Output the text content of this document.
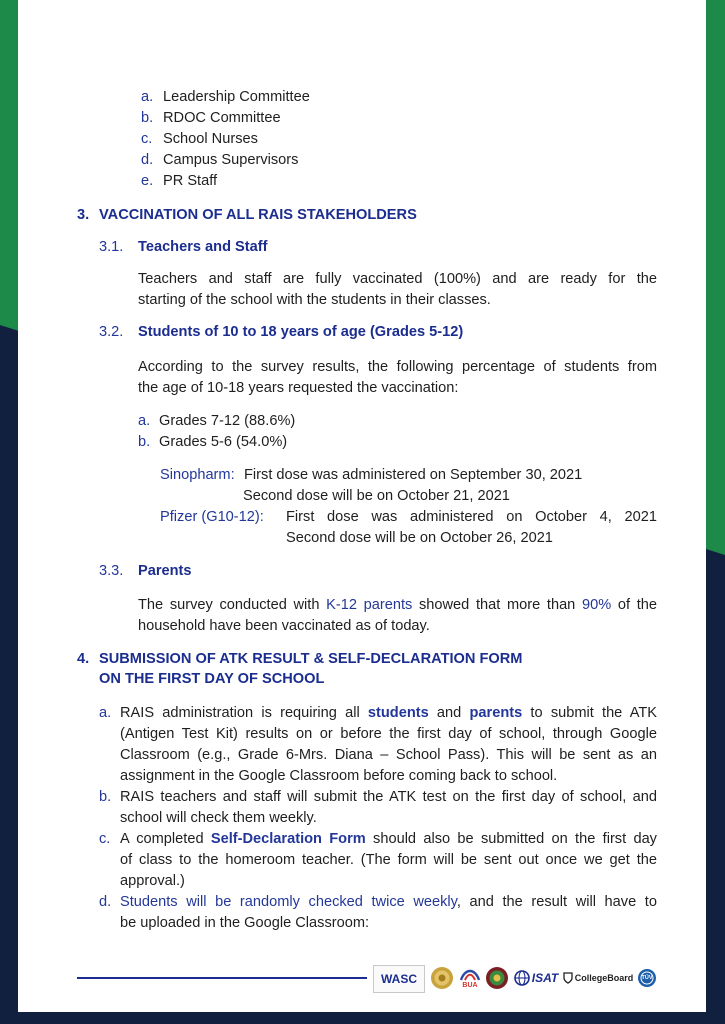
a. Leadership Committee
b. RDOC Committee
c. School Nurses
d. Campus Supervisors
e. PR Staff
3. VACCINATION OF ALL RAIS STAKEHOLDERS
3.1. Teachers and Staff
Teachers and staff are fully vaccinated (100%) and are ready for the
starting of the school with the students in their classes.
3.2. Students of 10 to 18 years of age (Grades 5-12)
According to the survey results, the following percentage of students from
the age of 10-18 years requested the vaccination:
a. Grades 7-12 (88.6%)
b. Grades 5-6 (54.0%)
Sinopharm: First dose was administered on September 30, 2021
Second dose will be on October 21, 2021
Pfizer (G10-12): First dose was administered on October 4, 2021
Second dose will be on October 26, 2021
3.3. Parents
The survey conducted with K-12 parents showed that more than 90% of the
household have been vaccinated as of today.
4. SUBMISSION OF ATK RESULT & SELF-DECLARATION FORM
ON THE FIRST DAY OF SCHOOL
a. RAIS administration is requiring all students and parents to submit the ATK
(Antigen Test Kit) results on or before the first day of school, through Google
Classroom (e.g., Grade 6-Mrs. Diana – School Pass). This will be sent as an
assignment in the Google Classroom before coming back to school.
b. RAIS teachers and staff will submit the ATK test on the first day of school, and
school will check them weekly.
c. A completed Self-Declaration Form should also be submitted on the first day
of class to the homeroom teacher. (The form will be sent out once we get the
approval.)
d. Students will be randomly checked twice weekly, and the result will have to
be uploaded in the Google Classroom:
WASC	BUA
ISAT CollegeBoard TÜV
